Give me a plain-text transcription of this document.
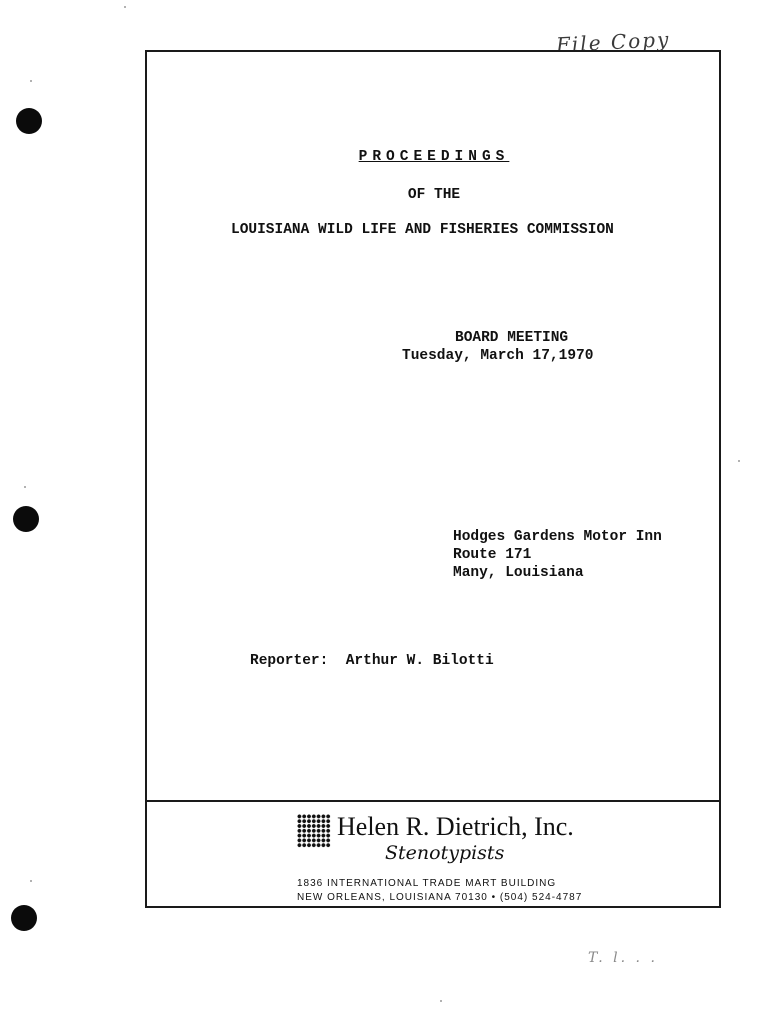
File Copy
T. l. . .
PROCEEDINGS
OF THE
LOUISIANA WILD LIFE AND FISHERIES COMMISSION
BOARD MEETING
Tuesday, March 17,1970
Hodges Gardens Motor Inn
Route 171
Many, Louisiana
Reporter: Arthur W. Bilotti
Helen R. Dietrich, Inc.
Stenotypists
1836 INTERNATIONAL TRADE MART BUILDING
NEW ORLEANS, LOUISIANA 70130 • (504) 524-4787
